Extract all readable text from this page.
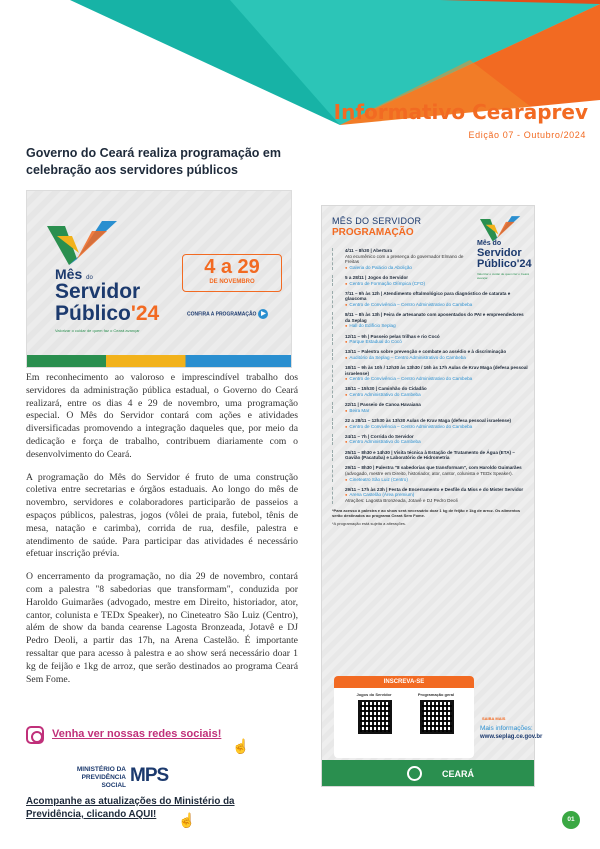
Informativo Cearaprev
Edição 07 - Outubro/2024
Governo do Ceará realiza programação em celebração aos servidores públicos
Mês do
Servidor
Público'24
Valorizar o cuidar de quem faz o Ceará avançar
4 a 29
DE NOVEMBRO
CONFIRA A PROGRAMAÇÃO ▶

Em reconhecimento ao valoroso e imprescindível trabalho dos servidores da administração pública estadual, o Governo do Ceará realizará, entre os dias 4 e 29 de novembro, uma programação especial. O Mês do Servidor contará com ações e atividades diversificadas promovendo a integração daqueles que, por meio da dedicação e força de trabalho, contribuem diariamente com o desenvolvimento do Ceará.

A programação do Mês do Servidor é fruto de uma construção coletiva entre secretarias e órgãos estaduais. Ao longo do mês de novembro, servidores e colaboradores participarão de passeios a espaços públicos, palestras, jogos (vôlei de praia, futebol, tênis de mesa, natação e carimba), corrida de rua, desfile, palestra e atendimento de saúde. Para participar das atividades é necessário efetuar inscrição prévia.

O encerramento da programação, no dia 29 de novembro, contará com a palestra "8 sabedorias que transformam", conduzida por Haroldo Guimarães (advogado, mestre em Direito, historiador, ator, cantor, colunista e TEDx Speaker), no Cineteatro São Luiz (Centro), além de show da banda cearense Lagosta Bronzeada, Jotavê e DJ Pedro Deoli, a partir das 17h, na Arena Castelão. É importante ressaltar que para acesso à palestra e ao show será necessário doar 1 kg de feijão e 1kg de arroz, que serão destinados ao programa Ceará Sem Fome.

Venha ver nossas redes sociais!
☝
MINISTÉRIO DA PREVIDÊNCIA SOCIAL MPS
Acompanhe as atualizações do Ministério da Previdência, clicando AQUI!	☝
MÊS DO SERVIDOR
PROGRAMAÇÃO
Mês do
Servidor
Público'24
Valorizar o cuidar de quem faz o Ceará avançar
4/11 – 8h30 | Abertura
Ato ecumênico com a presença do governador Elmano de Freitas
● Galeria do Palácio da Abolição
5 a 28/11 | Jogos do Servidor
● Centro de Formação Olímpica (CFO)
7/11 – 9h às 12h | Atendimento oftalmológico para diagnóstico de catarata e glaucoma
● Centro de Convivência – Centro Administrativo do Cambeba
8/11 – 8h às 13h | Feira de artesanato com aposentados do PAI e empreendedores da Seplag
● Hall do Edifício Seplag
12/11 – 9h | Passeio pelas trilhas e rio Cocó
● Parque Estadual do Cocó
13/11 – Palestra sobre prevenção e combate ao assédio e à discriminação
● Auditório da Seplag – Centro Administrativo do Cambeba
18/11 – 9h às 10h / 12h30 às 13h30 / 16h às 17h Aulas de Krav Maga (defesa pessoal israelense)
● Centro de Convivência – Centro Administrativo do Cambeba
18/11 – 15h30 | Caminhão do Cidadão
● Centro Administrativo do Cambeba
22/11 | Passeio de Canoa Havaiana
● Beira Mar
22 a 28/11 – 12h30 às 13h30 Aulas de Krav Maga (defesa pessoal israelense)
● Centro de Convivência – Centro Administrativo do Cambeba
24/11 – 7h | Corrida do Servidor
● Centro Administrativo do Cambeba
25/11 – 8h30 e 14h30 | Visita técnica à Estação de Tratamento de Água (ETA) – Gavião (Pacatuba) e Laboratório de Hidrometria
29/11 – 8h30 | Palestra "8 sabedorias que transformam", com Haroldo Guimarães
(advogado, mestre em Direito, historiador, ator, cantor, colunista e TEDx Speaker).
● Cineteatro São Luiz (Centro)
29/11 – 17h às 23h | Festa de Encerramento e Desfile da Miss e do Mister Servidor
● Arena Castelão (Área premium)
Atrações: Lagosta Bronzeada, Jotavê e DJ Pedro Deoli
*Para acesso à palestra e ao show será necessário doar 1 kg de feijão e 1kg de arroz. Os alimentos serão destinados ao programa Ceará Sem Fome.
*A programação está sujeita a alterações.
INSCREVA-SE
Jogos do Servidor	Programação geral
SAIBA MAIS
Mais informações:
www.seplag.ce.gov.br
CEARÁ
01
